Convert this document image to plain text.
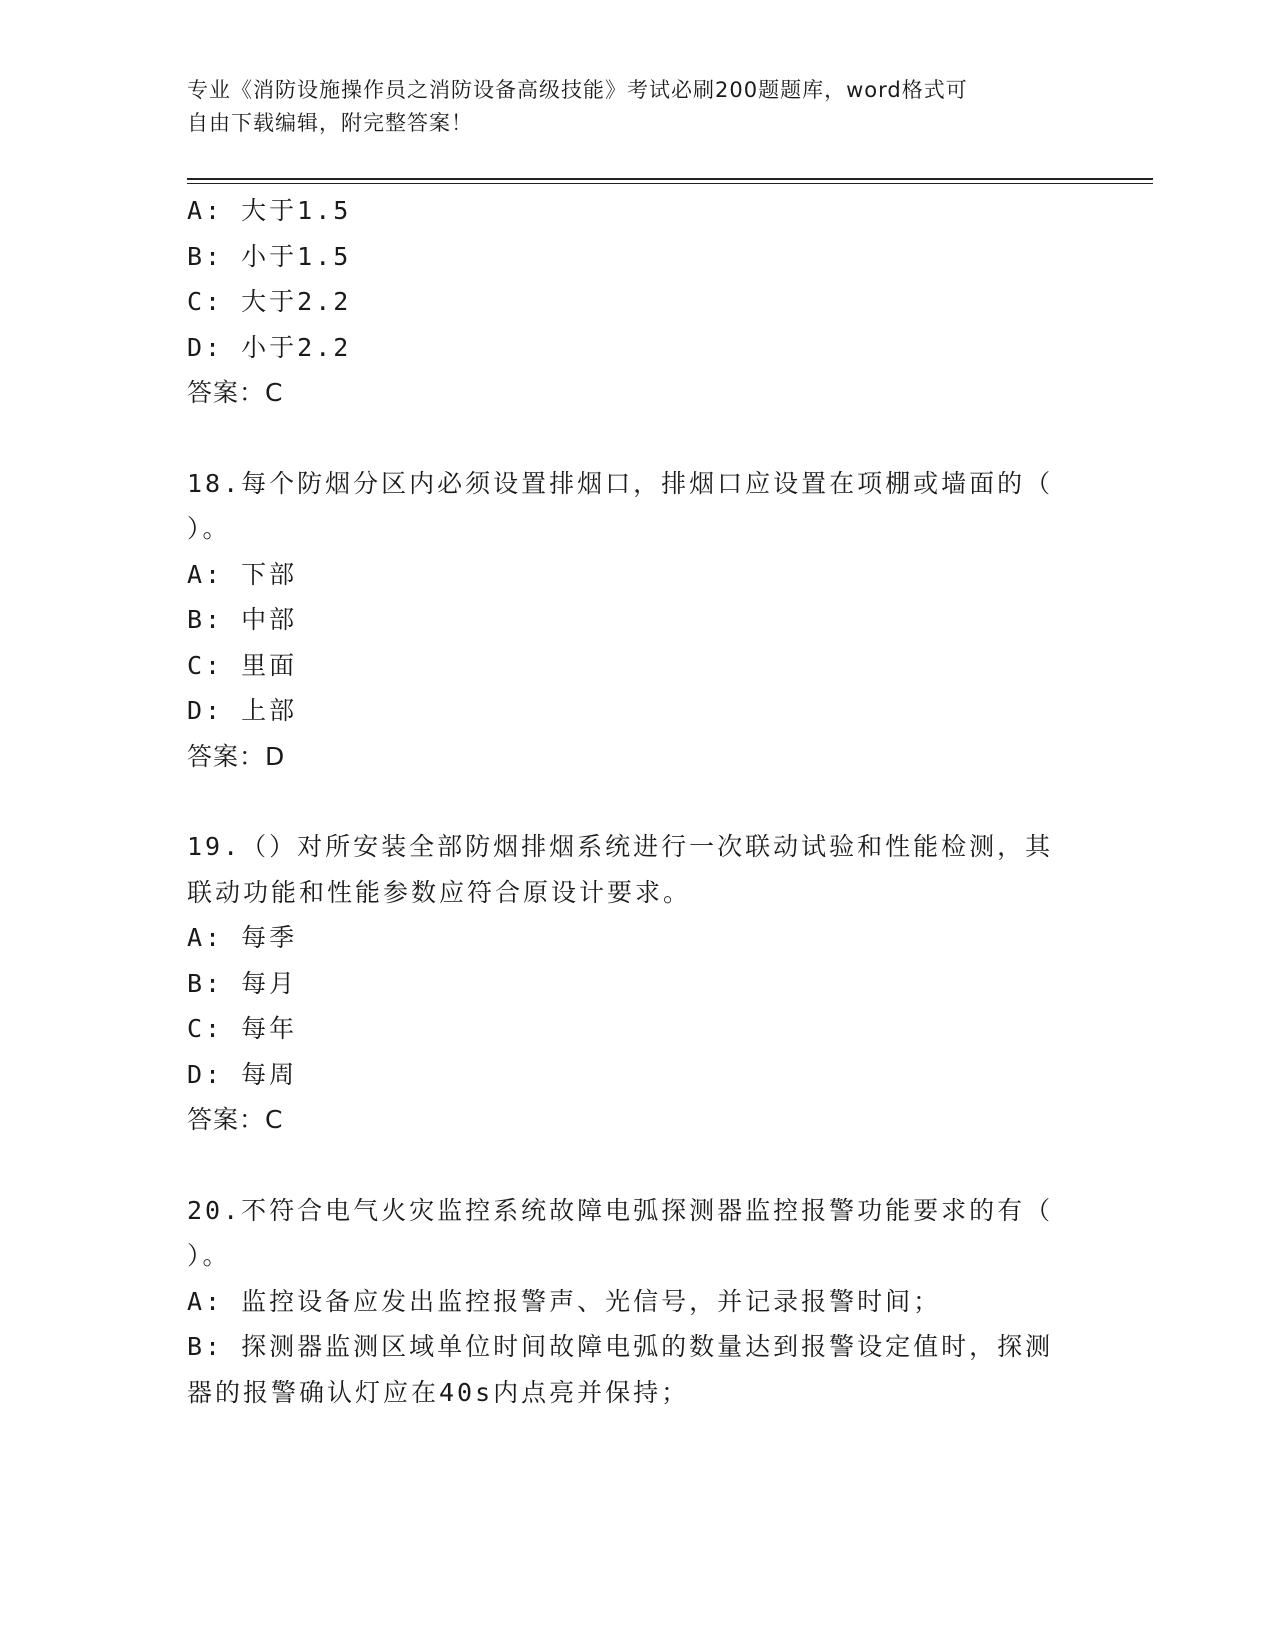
专业《消防设施操作员之消防设备高级技能》考试必刷200题题库，word格式可

自由下载编辑，附完整答案！

A: 大于1.5
B: 小于1.5
C: 大于2.2
D: 小于2.2
答案：C
18.每个防烟分区内必须设置排烟口，排烟口应设置在项棚或墙面的（
）。
A: 下部
B: 中部
C: 里面
D: 上部
答案：D
19.（）对所安装全部防烟排烟系统进行一次联动试验和性能检测，其
联动功能和性能参数应符合原设计要求。
A: 每季
B: 每月
C: 每年
D: 每周
答案：C
20.不符合电气火灾监控系统故障电弧探测器监控报警功能要求的有（
）。
A: 监控设备应发出监控报警声、光信号，并记录报警时间；
B: 探测器监测区域单位时间故障电弧的数量达到报警设定值时，探测
器的报警确认灯应在40s内点亮并保持；
